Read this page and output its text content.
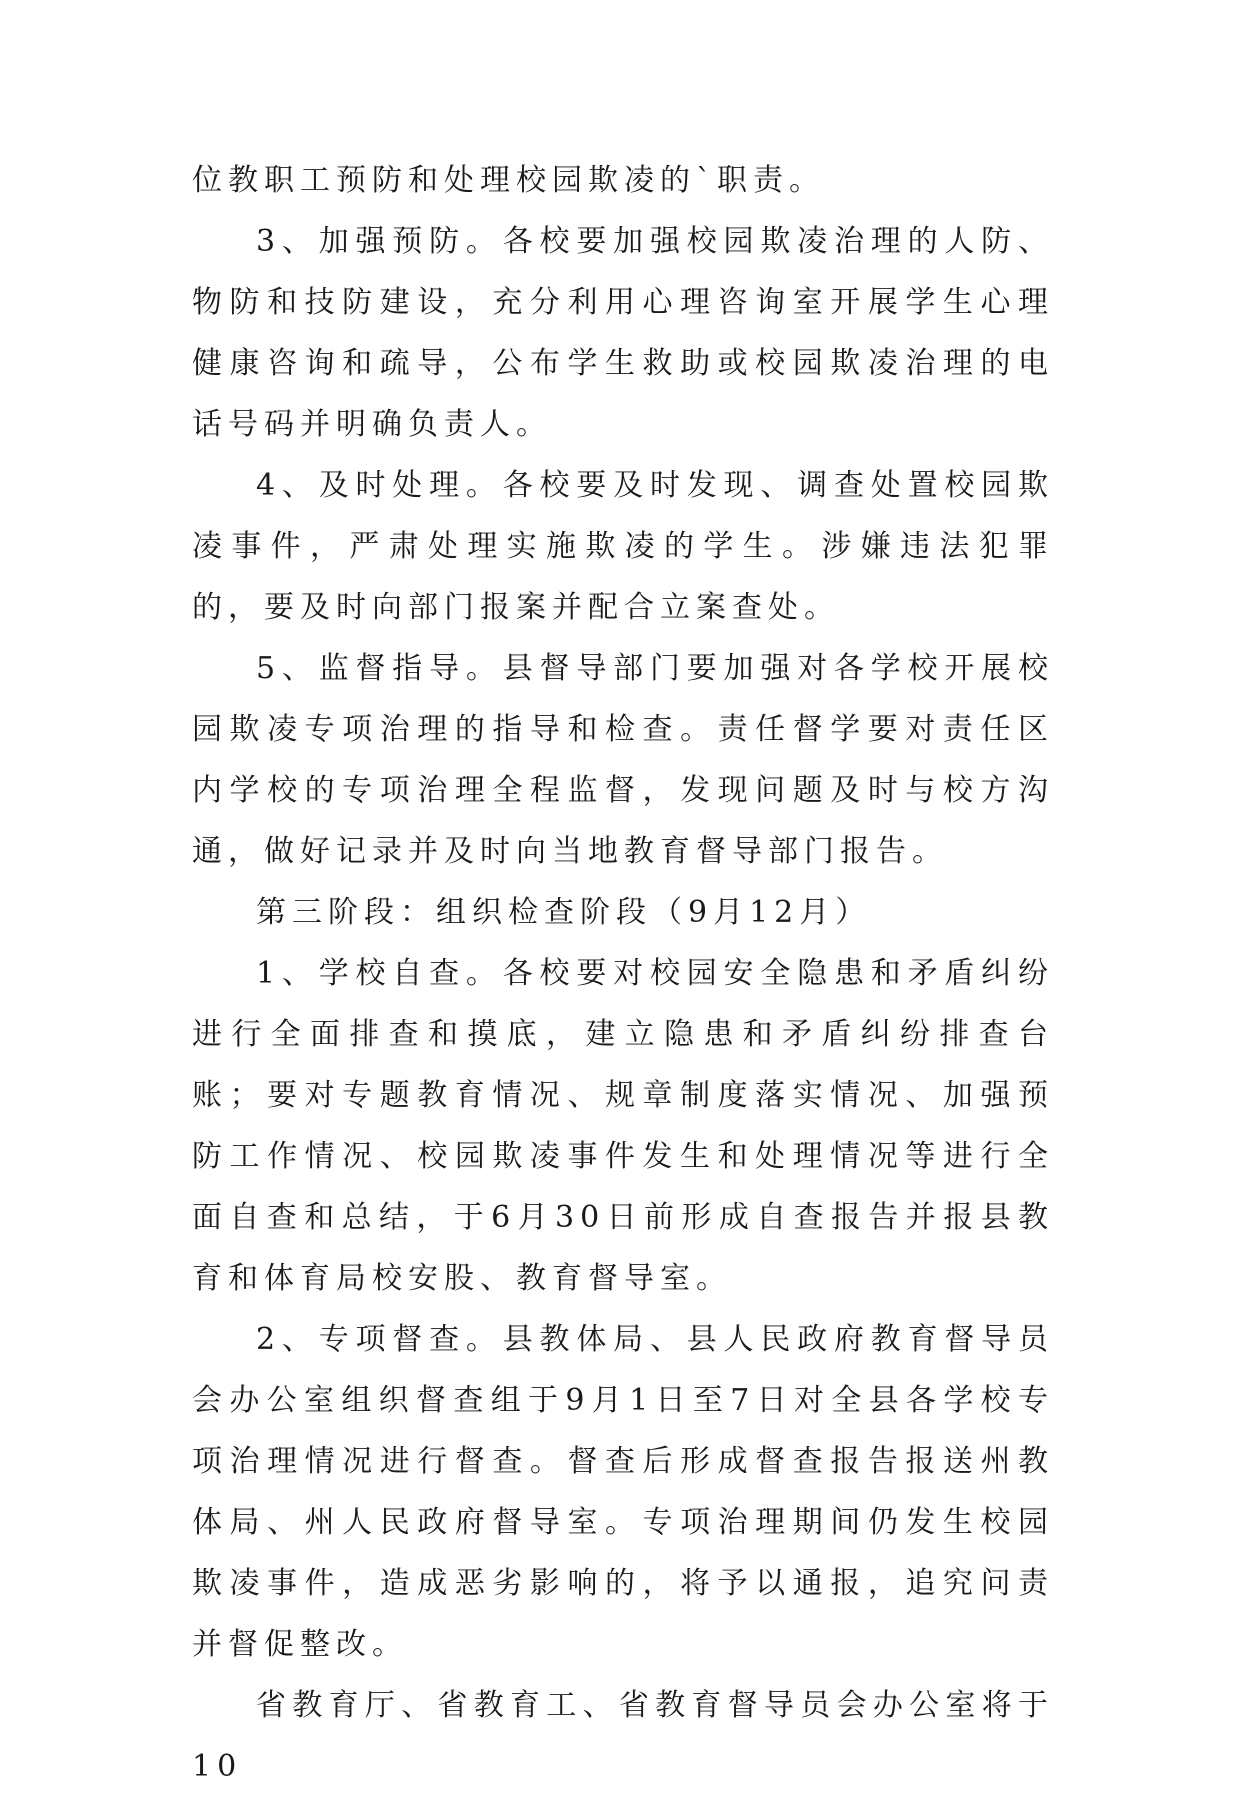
位教职工预防和处理校园欺凌的`职责。

3、加强预防。各校要加强校园欺凌治理的人防、物防和技防建设，充分利用心理咨询室开展学生心理健康咨询和疏导，公布学生救助或校园欺凌治理的电话号码并明确负责人。

4、及时处理。各校要及时发现、调查处置校园欺凌事件，严肃处理实施欺凌的学生。涉嫌违法犯罪的，要及时向部门报案并配合立案查处。

5、监督指导。县督导部门要加强对各学校开展校园欺凌专项治理的指导和检查。责任督学要对责任区内学校的专项治理全程监督，发现问题及时与校方沟通，做好记录并及时向当地教育督导部门报告。

第三阶段：组织检查阶段（9月12月）

1、学校自查。各校要对校园安全隐患和矛盾纠纷进行全面排查和摸底，建立隐患和矛盾纠纷排查台账；要对专题教育情况、规章制度落实情况、加强预防工作情况、校园欺凌事件发生和处理情况等进行全面自查和总结，于6月30日前形成自查报告并报县教育和体育局校安股、教育督导室。

2、专项督查。县教体局、县人民政府教育督导员会办公室组织督查组于9月1日至7日对全县各学校专项治理情况进行督查。督查后形成督查报告报送州教体局、州人民政府督导室。专项治理期间仍发生校园欺凌事件，造成恶劣影响的，将予以通报，追究问责并督促整改。

省教育厅、省教育工、省教育督导员会办公室将于10
